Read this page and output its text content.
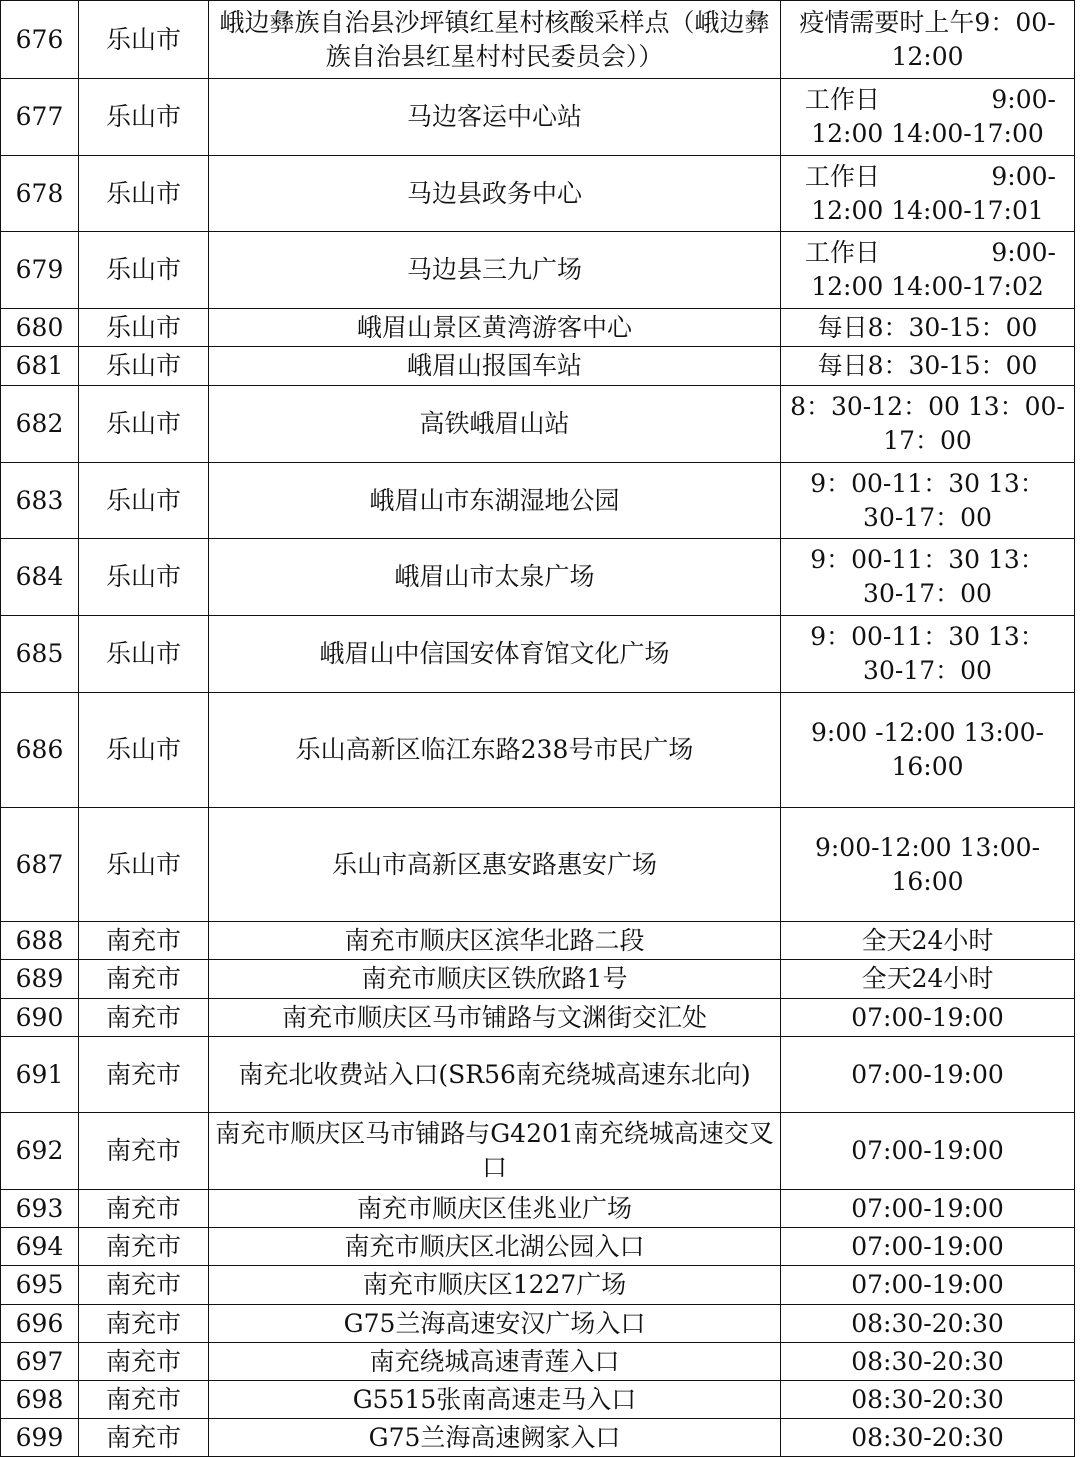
676	乐山市	峨边彝族自治县沙坪镇红星村核酸采样点（峨边彝族自治县红星村村民委员会））	疫情需要时上午9：00-
12:00

677	乐山市	马边客运中心站	工作日 9:00-
12:00 14:00-17:00

678	乐山市	马边县政务中心	工作日 9:00-
12:00 14:00-17:01

679	乐山市	马边县三九广场	工作日 9:00-
12:00 14:00-17:02

680	乐山市	峨眉山景区黄湾游客中心	每日8：30-15：00

681	乐山市	峨眉山报国车站	每日8：30-15：00

682	乐山市	高铁峨眉山站	8：30-12：00 13：00-
17：00

683	乐山市	峨眉山市东湖湿地公园	9：00-11：30 13：
30-17：00

684	乐山市	峨眉山市太泉广场	9：00-11：30 13：
30-17：00

685	乐山市	峨眉山中信国安体育馆文化广场	9：00-11：30 13：
30-17：00

686	乐山市	乐山高新区临江东路238号市民广场	9:00 -12:00 13:00-
16:00

687	乐山市	乐山市高新区惠安路惠安广场	9:00-12:00 13:00-
16:00

688	南充市	南充市顺庆区滨华北路二段	全天24小时

689	南充市	南充市顺庆区铁欣路1号	全天24小时

690	南充市	南充市顺庆区马市铺路与文渊街交汇处	07:00-19:00

691	南充市	南充北收费站入口(SR56南充绕城高速东北向)	07:00-19:00

692	南充市	南充市顺庆区马市铺路与G4201南充绕城高速交叉口	07:00-19:00

693	南充市	南充市顺庆区佳兆业广场	07:00-19:00

694	南充市	南充市顺庆区北湖公园入口	07:00-19:00

695	南充市	南充市顺庆区1227广场	07:00-19:00

696	南充市	G75兰海高速安汉广场入口	08:30-20:30

697	南充市	南充绕城高速青莲入口	08:30-20:30

698	南充市	G5515张南高速走马入口	08:30-20:30

699	南充市	G75兰海高速阙家入口	08:30-20:30
